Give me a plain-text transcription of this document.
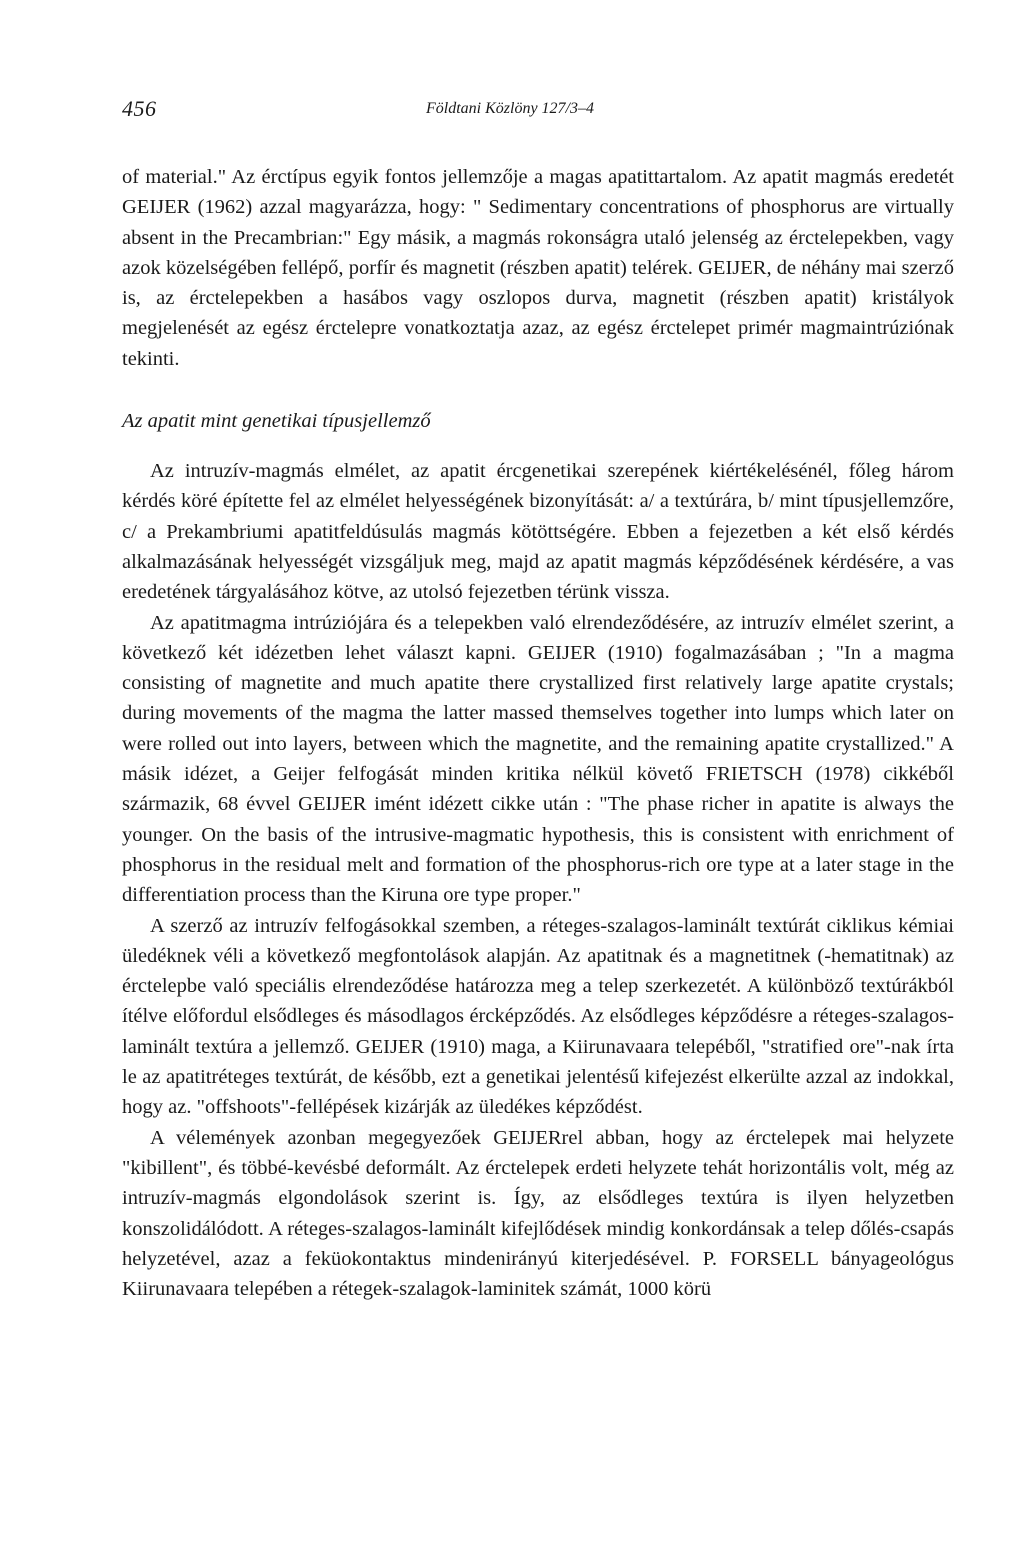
456	Földtani Közlöny 127/3–4

of material." Az érctípus egyik fontos jellemzője a magas apatittartalom. Az apatit magmás eredetét GEIJER (1962) azzal magyarázza, hogy: " Sedimentary concentrations of phosphorus are virtually absent in the Precambrian:" Egy másik, a magmás rokonságra utaló jelenség az érctelepekben, vagy azok közelségében fellépő, porfír és magnetit (részben apatit) telérek. GEIJER, de néhány mai szerző is, az érctelepekben a hasábos vagy oszlopos durva, magnetit (részben apatit) kristályok megjelenését az egész érctelepre vonatkoztatja azaz, az egész érctelepet primér magmaintrúziónak tekinti.

Az apatit mint genetikai típusjellemző

Az intruzív-magmás elmélet, az apatit ércgenetikai szerepének kiértékelésénél, főleg három kérdés köré építette fel az elmélet helyességének bizonyítását: a/ a textúrára, b/ mint típusjellemzőre, c/ a Prekambriumi apatitfeldúsulás magmás kötöttségére. Ebben a fejezetben a két első kérdés alkalmazásának helyességét vizsgáljuk meg, majd az apatit magmás képződésének kérdésére, a vas eredetének tárgyalásához kötve, az utolsó fejezetben térünk vissza.

Az apatitmagma intrúziójára és a telepekben való elrendeződésére, az intruzív elmélet szerint, a következő két idézetben lehet választ kapni. GEIJER (1910) fogalmazásában ; "In a magma consisting of magnetite and much apatite there crystallized first relatively large apatite crystals; during movements of the magma the latter massed themselves together into lumps which later on were rolled out into layers, between which the magnetite, and the remaining apatite crystallized." A másik idézet, a Geijer felfogását minden kritika nélkül követő FRIETSCH (1978) cikkéből származik, 68 évvel GEIJER imént idézett cikke után : "The phase richer in apatite is always the younger. On the basis of the intrusive-magmatic hypothesis, this is consistent with enrichment of phosphorus in the residual melt and formation of the phosphorus-rich ore type at a later stage in the differentiation process than the Kiruna ore type proper."

A szerző az intruzív felfogásokkal szemben, a réteges-szalagos-laminált textúrát ciklikus kémiai üledéknek véli a következő megfontolások alapján. Az apatitnak és a magnetitnek (-hematitnak) az érctelepbe való speciális elrendeződése határozza meg a telep szerkezetét. A különböző textúrákból ítélve előfordul elsődleges és másodlagos ércképződés. Az elsődleges képződésre a réteges-szalagos-laminált textúra a jellemző. GEIJER (1910) maga, a Kiirunavaara telepéből, "stratified ore"-nak írta le az apatitréteges textúrát, de később, ezt a genetikai jelentésű kifejezést elkerülte azzal az indokkal, hogy az. "offshoots"-fellépések kizárják az üledékes képződést.

A vélemények azonban megegyezőek GEIJERrel abban, hogy az érctelepek mai helyzete "kibillent", és többé-kevésbé deformált. Az érctelepek erdeti helyzete tehát horizontális volt, még az intruzív-magmás elgondolások szerint is. Így, az elsődleges textúra is ilyen helyzetben konszolidálódott. A réteges-szalagos-laminált kifejlődések mindig konkordánsak a telep dőlés-csapás helyzetével, azaz a feküokontaktus mindenirányú kiterjedésével. P. FORSELL bányageológus Kiirunavaara telepében a rétegek-szalagok-laminitek számát, 1000 körü
